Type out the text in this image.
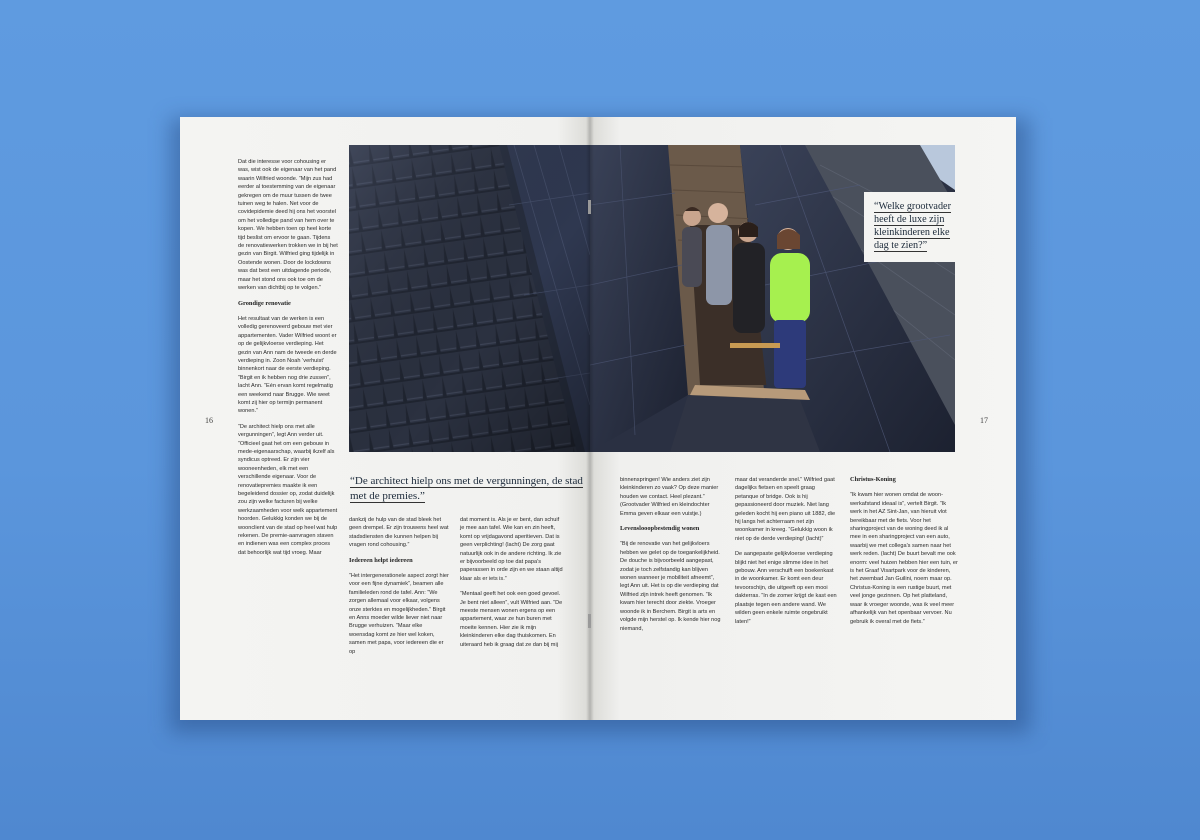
16

Dat die interesse voor cohousing er was, wist ook de eigenaar van het pand waarin Wilfried woonde. “Mijn zus had eerder al toestemming van de eigenaar gekregen om de muur tussen de twee tuinen weg te halen. Net voor de covidepidemie deed hij ons het voorstel om het volledige pand van hem over te kopen. We hebben toen op heel korte tijd beslist om ervoor te gaan. Tijdens de renovatiewerken trokken we in bij het gezin van Birgit. Wilfried ging tijdelijk in Oostende wonen. Door de lockdowns was dat best een uitdagende periode, maar het stond ons ook toe om de werken van dichtbij op te volgen.”

Grondige renovatie

Het resultaat van de werken is een volledig gerenoveerd gebouw met vier appartementen. Vader Wilfried woont er op de gelijkvloerse verdieping. Het gezin van Ann nam de tweede en derde verdieping in. Zoon Noah ‘verhuist’ binnenkort naar de eerste verdieping. “Birgit en ik hebben nog drie zussen”, lacht Ann. “Eén ervan komt regelmatig een weekend naar Brugge. Wie weet komt zij hier op termijn permanent wonen.”

“De architect hielp ons met alle vergunningen”, legt Ann verder uit. “Officieel gaat het om een gebouw in mede-eigenaarschap, waarbij ikzelf als syndicus optreed. Er zijn vier wooneenheden, elk met een verschillende eigenaar. Voor de renovatiepremies maakte ik een begeleidend dossier op, zodat duidelijk zou zijn welke facturen bij welke werkzaamheden voor welk appartement hoorden. Gelukkig konden we bij de woonclient van de stad op heel wat hulp rekenen. De premie-aanvragen staven en indienen was een complex proces dat behoorlijk wat tijd vroeg. Maar

“De architect hielp ons met de vergunningen, de stad met de premies.”

dankzij de hulp van de stad bleek het geen drempel. Er zijn trouwens heel wat stadsdiensten die kunnen helpen bij vragen rond cohousing.”

Iedereen helpt iedereen

“Het intergenerationele aspect zorgt hier voor een fijne dynamiek”, beamen alle familieleden rond de tafel. Ann: “We zorgen allemaal voor elkaar, volgens onze sterktes en mogelijkheden.” Birgit en Anns moeder wilde liever niet naar Brugge verhuizen. “Maar elke woensdag komt ze hier wel koken, samen met papa, voor iedereen die er op

dat moment is. Als je er bent, dan schuif je mee aan tafel. Wie kan en zin heeft, komt op vrijdagavond aperitieven. Dat is geen verplichting! (lacht) De zorg gaat natuurlijk ook in de andere richting. Ik zie er bijvoorbeeld op toe dat papa's paperassen in orde zijn en we staan altijd klaar als er iets is.”

“Mentaal geeft het ook een goed gevoel. Je bent niet alleen”, vult Wilfried aan. “De meeste mensen wonen ergens op een appartement, waar ze hun buren met moeite kennen. Hier zie ik mijn kleinkinderen elke dag thuiskomen. En uiteraard heb ik graag dat ze dan bij mij

“Welke grootvader heeft de luxe zijn kleinkinderen elke dag te zien?”
17

binnenspringen! Wie anders ziet zijn kleinkinderen zo vaak? Op deze manier houden we contact. Heel plezant.” (Grootvader Wilfried en kleindochter Emma geven elkaar een vuistje.)

Levenslooopbestendig wonen

“Bij de renovatie van het gelijkvloers hebben we gelet op de toegankelijkheid. De douche is bijvoorbeeld aangepast, zodat je toch zelfstandig kan blijven wonen wanneer je mobiliteit afneemt”, legt Ann uit. Het is op die verdieping dat Wilfried zijn intrek heeft genomen. “Ik kwam hier terecht door ziekte. Vroeger woonde ik in Berchem. Birgit is arts en volgde mijn herstel op. Ik kende hier nog niemand,

maar dat veranderde snel.” Wilfried gaat dagelijks fietsen en speelt graag petanque of bridge. Ook is hij gepassioneerd door muziek. Niet lang geleden kocht hij een piano uit 1882, die hij langs het achterraam net zijn woonkamer in kreeg. “Gelukkig woon ik niet op de derde verdieping! (lacht)”

De aangepaste gelijkvloerse verdieping blijkt niet het enige slimme idee in het gebouw. Ann verschuift een boekenkast in de woonkamer. Er komt een deur tevoorschijn, die uitgeeft op een mooi dakterras. “In de zomer krijgt de kast een plaatsje tegen een andere wand. We wilden geen enkele ruimte ongebruikt laten!”

Christus-Koning

“Ik kwam hier wonen omdat de woon-werkafstand ideaal is”, vertelt Birgit. “Ik werk in het AZ Sint-Jan, van hieruit vlot bereikbaar met de fiets. Voor het sharingproject van de woning deed ik al mee in een sharingproject van een auto, waarbij we met collega's samen naar het werk reden. (lacht) De buurt bevalt me ook enorm: veel huizen hebben hier een tuin, er is het Graaf Visartpark voor de kinderen, het zwembad Jan Guilini, noem maar op. Christus-Koning is een rustige buurt, met veel jonge gezinnen. Op het platteland, waar ik vroeger woonde, was ik veel meer afhankelijk van het openbaar vervoer. Nu gebruik ik overal met de fiets.”
